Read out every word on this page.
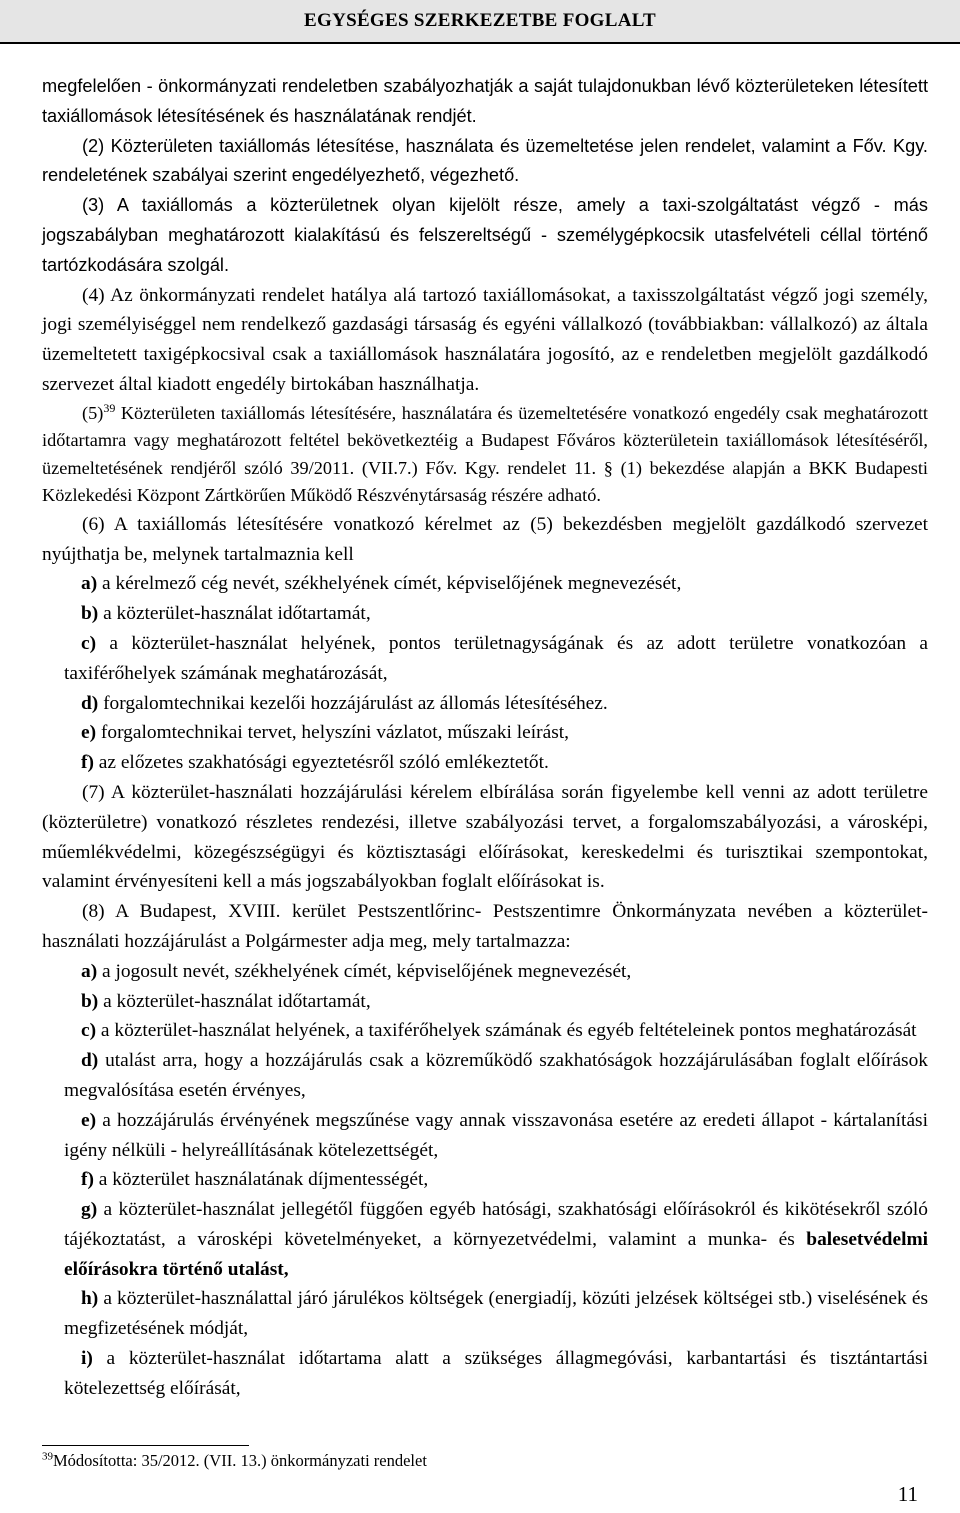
EGYSÉGES SZERKEZETBE FOGLALT

megfelelően - önkormányzati rendeletben szabályozhatják a saját tulajdonukban lévő közterületeken létesített taxiállomások létesítésének és használatának rendjét.

(2) Közterületen taxiállomás létesítése, használata és üzemeltetése jelen rendelet, valamint a Főv. Kgy. rendeletének szabályai szerint engedélyezhető, végezhető.

(3) A taxiállomás a közterületnek olyan kijelölt része, amely a taxi-szolgáltatást végző - más jogszabályban meghatározott kialakítású és felszereltségű - személygépkocsik utasfelvételi céllal történő tartózkodására szolgál.

(4) Az önkormányzati rendelet hatálya alá tartozó taxiállomásokat, a taxisszolgáltatást végző jogi személy, jogi személyiséggel nem rendelkező gazdasági társaság és egyéni vállalkozó (továbbiakban: vállalkozó) az általa üzemeltetett taxigépkocsival csak a taxiállomások használatára jogosító, az e rendeletben megjelölt gazdálkodó szervezet által kiadott engedély birtokában használhatja.

$(5)^{39}$ Közterületen taxiállomás létesítésére, használatára és üzemeltetésére vonatkozó engedély csak meghatározott időtartamra vagy meghatározott feltétel bekövetkeztéig a Budapest Főváros közterületein taxiállomások létesítéséről, üzemeltetésének rendjéről szóló 39/2011. (VII.7.) Főv. Kgy. rendelet 11. § (1) bekezdése alapján a BKK Budapesti Közlekedési Központ Zártkörűen Működő Részvénytársaság részére adható.

(6) A taxiállomás létesítésére vonatkozó kérelmet az (5) bekezdésben megjelölt gazdálkodó szervezet nyújthatja be, melynek tartalmaznia kell

a) a kérelmező cég nevét, székhelyének címét, képviselőjének megnevezését,

b) a közterület-használat időtartamát,

c) a közterület-használat helyének, pontos területnagyságának és az adott területre vonatkozóan a taxiférőhelyek számának meghatározását,

d) forgalomtechnikai kezelői hozzájárulást az állomás létesítéséhez.

e) forgalomtechnikai tervet, helyszíni vázlatot, műszaki leírást,

f) az előzetes szakhatósági egyeztetésről szóló emlékeztetőt.

(7) A közterület-használati hozzájárulási kérelem elbírálása során figyelembe kell venni az adott területre (közterületre) vonatkozó részletes rendezési, illetve szabályozási tervet, a forgalomszabályozási, a városképi, műemlékvédelmi, közegészségügyi és köztisztasági előírásokat, kereskedelmi és turisztikai szempontokat, valamint érvényesíteni kell a más jogszabályokban foglalt előírásokat is.

(8) A Budapest, XVIII. kerület Pestszentlőrinc- Pestszentimre Önkormányzata nevében a közterület- használati hozzájárulást a Polgármester adja meg, mely tartalmazza:

a) a jogosult nevét, székhelyének címét, képviselőjének megnevezését,

b) a közterület-használat időtartamát,

c) a közterület-használat helyének, a taxiférőhelyek számának és egyéb feltételeinek pontos meghatározását

d) utalást arra, hogy a hozzájárulás csak a közreműködő szakhatóságok hozzájárulásában foglalt előírások megvalósítása esetén érvényes,

e) a hozzájárulás érvényének megszűnése vagy annak visszavonása esetére az eredeti állapot - kártalanítási igény nélküli - helyreállításának kötelezettségét,

f) a közterület használatának díjmentességét,

g) a közterület-használat jellegétől függően egyéb hatósági, szakhatósági előírásokról és kikötésekről szóló tájékoztatást, a városképi követelményeket, a környezetvédelmi, valamint a munka- és balesetvédelmi előírásokra történő utalást,

h) a közterület-használattal járó járulékos költségek (energiadíj, közúti jelzések költségei stb.) viselésének és megfizetésének módját,

i) a közterület-használat időtartama alatt a szükséges állagmegóvási, karbantartási és tisztántartási kötelezettség előírását,

$^{39}$Módosította: 35/2012. (VII. 13.) önkormányzati rendelet
11
